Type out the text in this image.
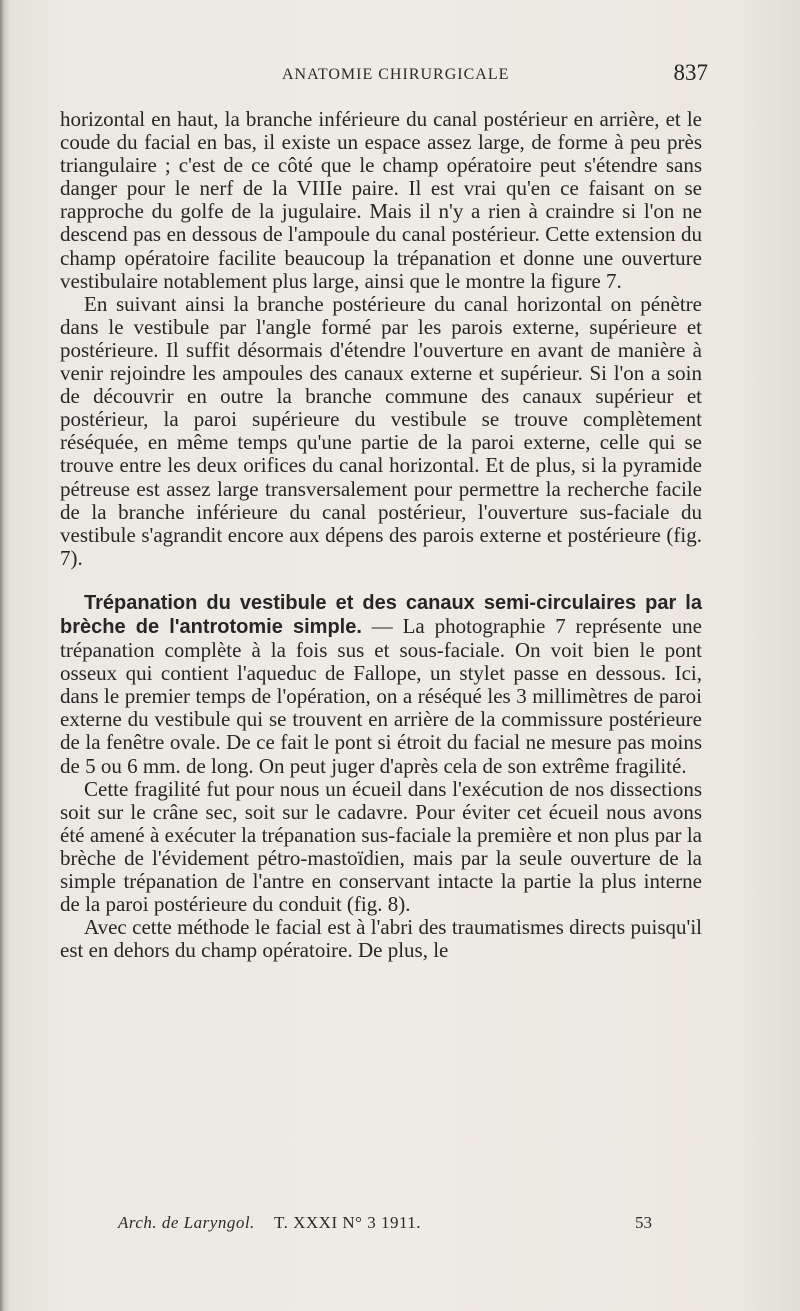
ANATOMIE CHIRURGICALE	837

horizontal en haut, la branche inférieure du canal postérieur en arrière, et le coude du facial en bas, il existe un espace assez large, de forme à peu près triangulaire ; c'est de ce côté que le champ opératoire peut s'étendre sans danger pour le nerf de la VIIIe paire. Il est vrai qu'en ce faisant on se rapproche du golfe de la jugulaire. Mais il n'y a rien à craindre si l'on ne descend pas en dessous de l'ampoule du canal postérieur. Cette extension du champ opératoire facilite beaucoup la trépanation et donne une ouverture vestibulaire notablement plus large, ainsi que le montre la figure 7.

En suivant ainsi la branche postérieure du canal horizontal on pénètre dans le vestibule par l'angle formé par les parois externe, supérieure et postérieure. Il suffit désormais d'étendre l'ouverture en avant de manière à venir rejoindre les ampoules des canaux externe et supérieur. Si l'on a soin de découvrir en outre la branche commune des canaux supérieur et postérieur, la paroi supérieure du vestibule se trouve complètement réséquée, en même temps qu'une partie de la paroi externe, celle qui se trouve entre les deux orifices du canal horizontal. Et de plus, si la pyramide pétreuse est assez large transversalement pour permettre la recherche facile de la branche inférieure du canal postérieur, l'ouverture sus-faciale du vestibule s'agrandit encore aux dépens des parois externe et postérieure (fig. 7).

Trépanation du vestibule et des canaux semi-circulaires par la brèche de l'antrotomie simple. — La photographie 7 représente une trépanation complète à la fois sus et sous-faciale. On voit bien le pont osseux qui contient l'aqueduc de Fallope, un stylet passe en dessous. Ici, dans le premier temps de l'opération, on a réséqué les 3 millimètres de paroi externe du vestibule qui se trouvent en arrière de la commissure postérieure de la fenêtre ovale. De ce fait le pont si étroit du facial ne mesure pas moins de 5 ou 6 mm. de long. On peut juger d'après cela de son extrême fragilité.

Cette fragilité fut pour nous un écueil dans l'exécution de nos dissections soit sur le crâne sec, soit sur le cadavre. Pour éviter cet écueil nous avons été amené à exécuter la trépanation sus-faciale la première et non plus par la brèche de l'évidement pétro-mastoïdien, mais par la seule ouverture de la simple trépanation de l'antre en conservant intacte la partie la plus interne de la paroi postérieure du conduit (fig. 8).

Avec cette méthode le facial est à l'abri des traumatismes directs puisqu'il est en dehors du champ opératoire. De plus, le

Arch. de Laryngol. T. XXXI N° 3 1911.	53
